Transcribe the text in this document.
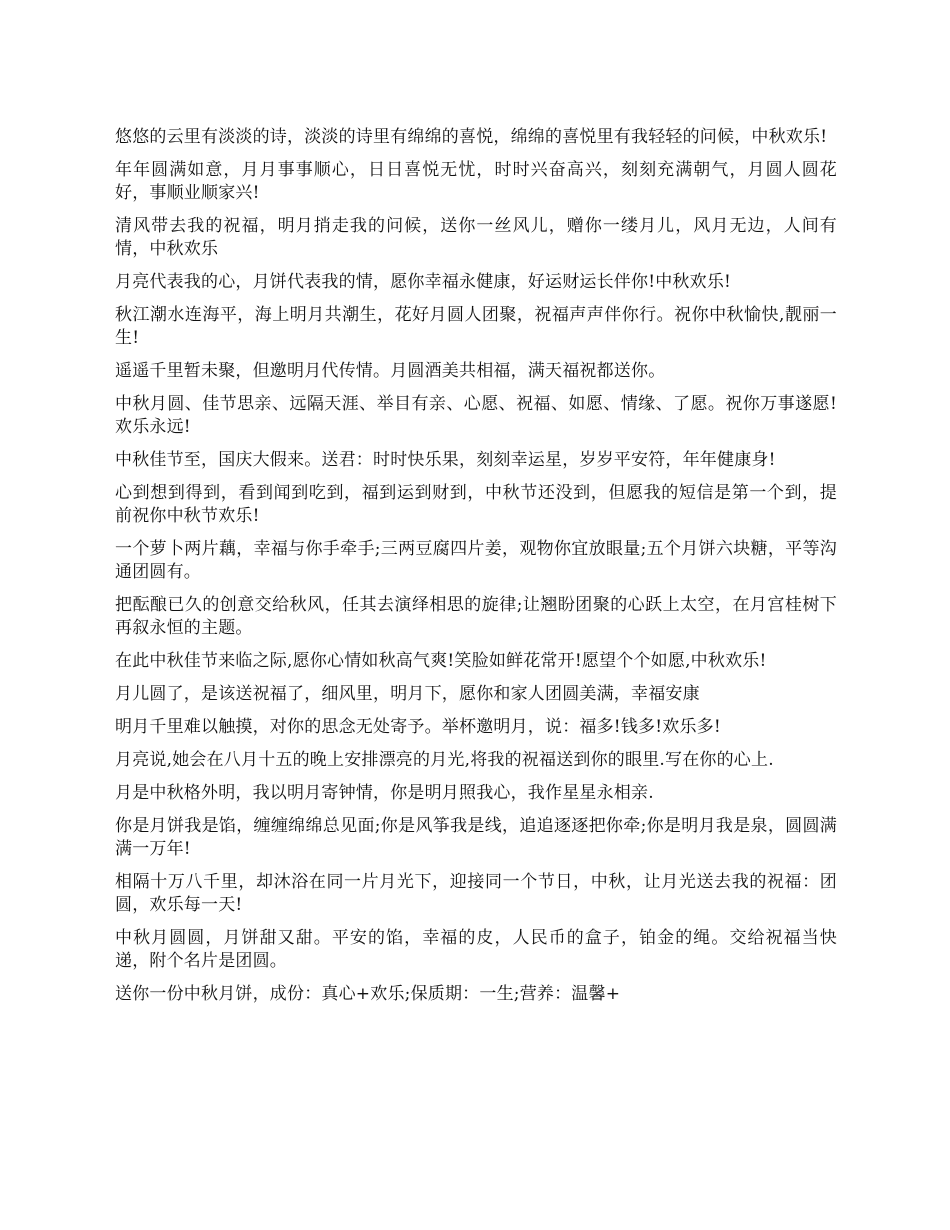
悠悠的云里有淡淡的诗，淡淡的诗里有绵绵的喜悦，绵绵的喜悦里有我轻轻的问候，中秋欢乐!

年年圆满如意，月月事事顺心，日日喜悦无忧，时时兴奋高兴，刻刻充满朝气，月圆人圆花好，事顺业顺家兴!

清风带去我的祝福，明月捎走我的问候，送你一丝风儿，赠你一缕月儿，风月无边，人间有情，中秋欢乐

月亮代表我的心，月饼代表我的情，愿你幸福永健康，好运财运长伴你!中秋欢乐!

秋江潮水连海平，海上明月共潮生，花好月圆人团聚，祝福声声伴你行。祝你中秋愉快,靓丽一生!

遥遥千里暂未聚，但邀明月代传情。月圆酒美共相福，满天福祝都送你。

中秋月圆、佳节思亲、远隔天涯、举目有亲、心愿、祝福、如愿、情缘、了愿。祝你万事遂愿!欢乐永远!

中秋佳节至，国庆大假来。送君：时时快乐果，刻刻幸运星，岁岁平安符，年年健康身!

心到想到得到，看到闻到吃到，福到运到财到，中秋节还没到，但愿我的短信是第一个到，提前祝你中秋节欢乐!

一个萝卜两片藕，幸福与你手牵手;三两豆腐四片姜，观物你宜放眼量;五个月饼六块糖，平等沟通团圆有。

把酝酿已久的创意交给秋风，任其去演绎相思的旋律;让翘盼团聚的心跃上太空，在月宫桂树下再叙永恒的主题。

在此中秋佳节来临之际,愿你心情如秋高气爽!笑脸如鲜花常开!愿望个个如愿,中秋欢乐!

月儿圆了，是该送祝福了，细风里，明月下，愿你和家人团圆美满，幸福安康

明月千里难以触摸，对你的思念无处寄予。举杯邀明月，说：福多!钱多!欢乐多!

月亮说,她会在八月十五的晚上安排漂亮的月光,将我的祝福送到你的眼里.写在你的心上.

月是中秋格外明，我以明月寄钟情，你是明月照我心，我作星星永相亲.

你是月饼我是馅，缠缠绵绵总见面;你是风筝我是线，追追逐逐把你牵;你是明月我是泉，圆圆满满一万年!

相隔十万八千里，却沐浴在同一片月光下，迎接同一个节日，中秋，让月光送去我的祝福：团圆，欢乐每一天!

中秋月圆圆，月饼甜又甜。平安的馅，幸福的皮，人民币的盒子，铂金的绳。交给祝福当快递，附个名片是团圆。

送你一份中秋月饼，成份：真心+欢乐;保质期：一生;营养：温馨+
